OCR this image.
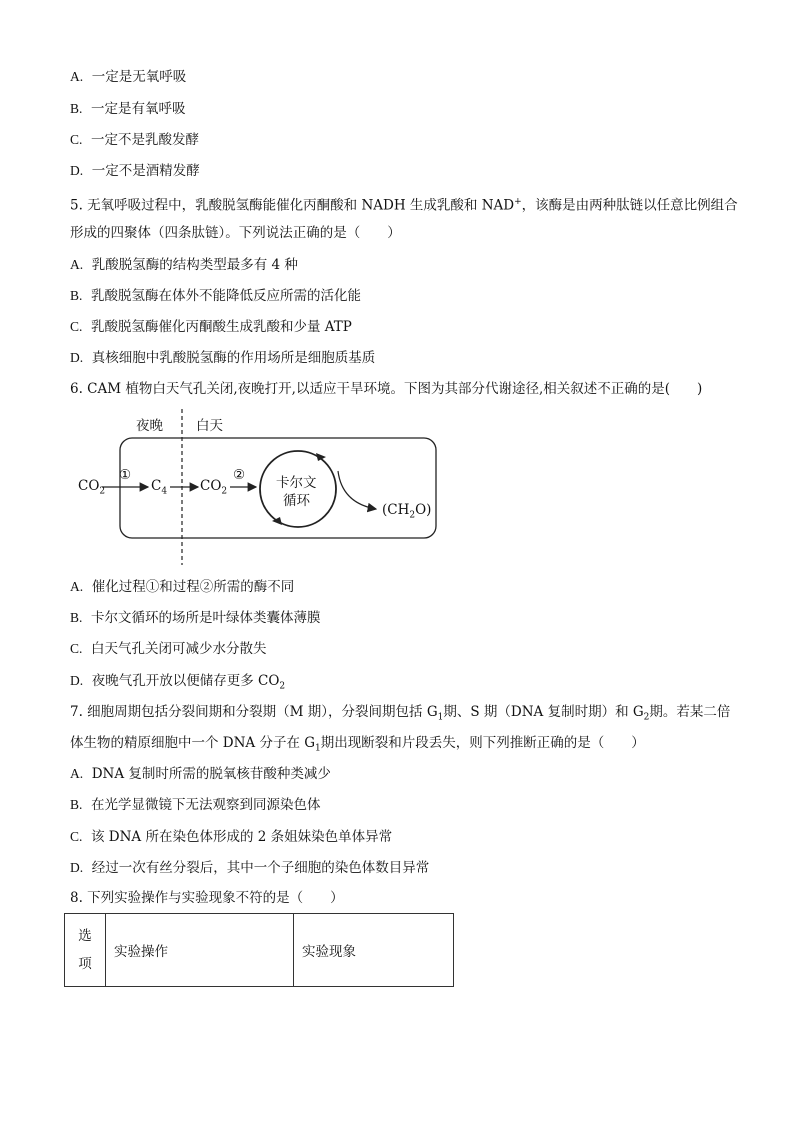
A. 一定是无氧呼吸
B. 一定是有氧呼吸
C. 一定不是乳酸发酵
D. 一定不是酒精发酵
5. 无氧呼吸过程中，乳酸脱氢酶能催化丙酮酸和 NADH 生成乳酸和 NAD+，该酶是由两种肽链以任意比例组合
形成的四聚体（四条肽链）。下列说法正确的是（　　）
A. 乳酸脱氢酶的结构类型最多有 4 种
B. 乳酸脱氢酶在体外不能降低反应所需的活化能
C. 乳酸脱氢酶催化丙酮酸生成乳酸和少量 ATP
D. 真核细胞中乳酸脱氢酶的作用场所是细胞质基质
6. CAM 植物白天气孔关闭,夜晚打开,以适应干旱环境。下图为其部分代谢途径,相关叙述不正确的是(　　)
夜晚 白天
$CO_2$
①
$C_4$ $CO_2$
② 卡尔文
循环
$(CH_2O)$
A. 催化过程①和过程②所需的酶不同
B. 卡尔文循环的场所是叶绿体类囊体薄膜
C. 白天气孔关闭可减少水分散失
D. 夜晚气孔开放以便储存更多 $CO_2$
7. 细胞周期包括分裂间期和分裂期（M 期），分裂间期包括 $G_1$期、S 期（DNA 复制时期）和 $G_2$期。若某二倍
体生物的精原细胞中一个 DNA 分子在 $G_1$期出现断裂和片段丢失，则下列推断正确的是（　　）
A. DNA 复制时所需的脱氧核苷酸种类减少
B. 在光学显微镜下无法观察到同源染色体
C. 该 DNA 所在染色体形成的 2 条姐妹染色单体异常
D. 经过一次有丝分裂后，其中一个子细胞的染色体数目异常
8. 下列实验操作与实验现象不符的是（　　）
选
项
	实验操作	实验现象
